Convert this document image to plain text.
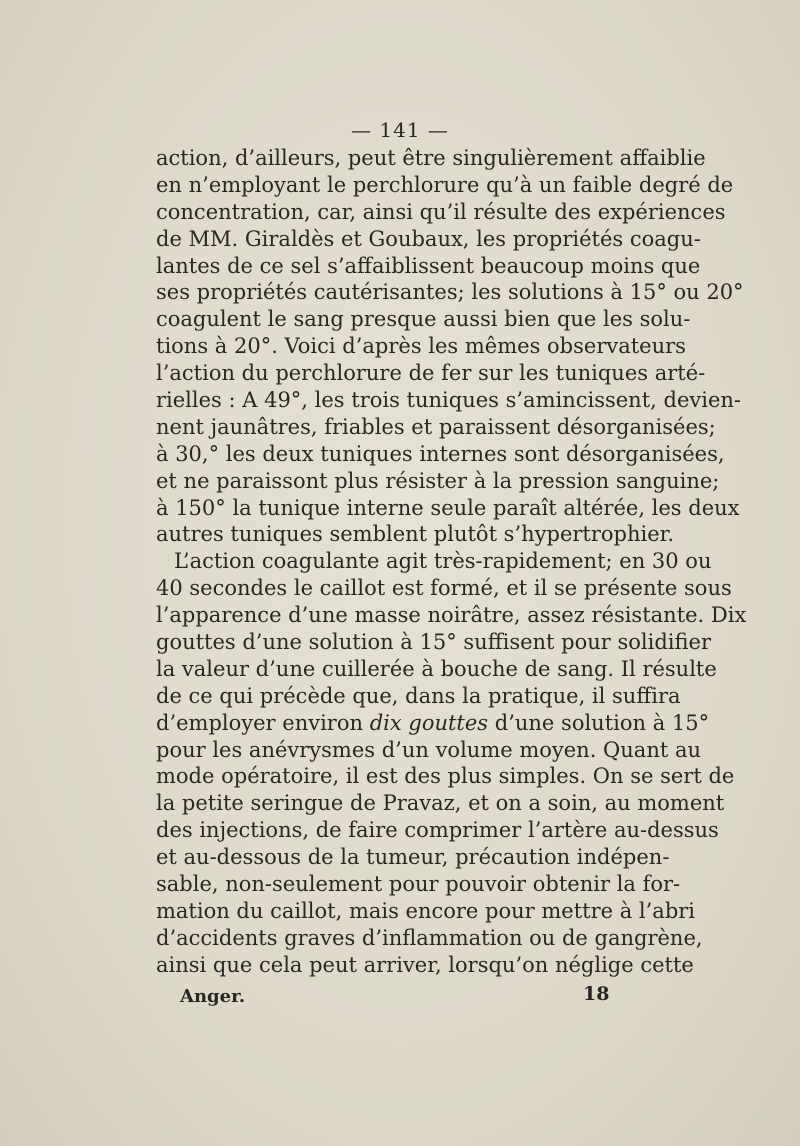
— 141 —
action, d’ailleurs, peut être singulièrement affaiblie
en n’employant le perchlorure qu’à un faible degré de
concentration, car, ainsi qu’il résulte des expériences
de MM. Giraldès et Goubaux, les propriétés coagu-
lantes de ce sel s’affaiblissent beaucoup moins que
ses propriétés cautérisantes; les solutions à 15° ou 20°
coagulent le sang presque aussi bien que les solu-
tions à 20°. Voici d’après les mêmes observateurs
l’action du perchlorure de fer sur les tuniques arté-
rielles : A 49°, les trois tuniques s’amincissent, devien-
nent jaunâtres, friables et paraissent désorganisées;
à 30,° les deux tuniques internes sont désorganisées,
et ne paraissont plus résister à la pression sanguine;
à 150° la tunique interne seule paraît altérée, les deux
autres tuniques semblent plutôt s’hypertrophier.
L’action coagulante agit très-rapidement; en 30 ou
40 secondes le caillot est formé, et il se présente sous
l’apparence d’une masse noirâtre, assez résistante. Dix
gouttes d’une solution à 15° suffisent pour solidifier
la valeur d’une cuillerée à bouche de sang. Il résulte
de ce qui précède que, dans la pratique, il suffira
d’employer environ dix gouttes d’une solution à 15°
pour les anévrysmes d’un volume moyen. Quant au
mode opératoire, il est des plus simples. On se sert de
la petite seringue de Pravaz, et on a soin, au moment
des injections, de faire comprimer l’artère au-dessus
et au-dessous de la tumeur, précaution indépen-
sable, non-seulement pour pouvoir obtenir la for-
mation du caillot, mais encore pour mettre à l’abri
d’accidents graves d’inflammation ou de gangrène,
ainsi que cela peut arriver, lorsqu’on néglige cette
Anger.	18
